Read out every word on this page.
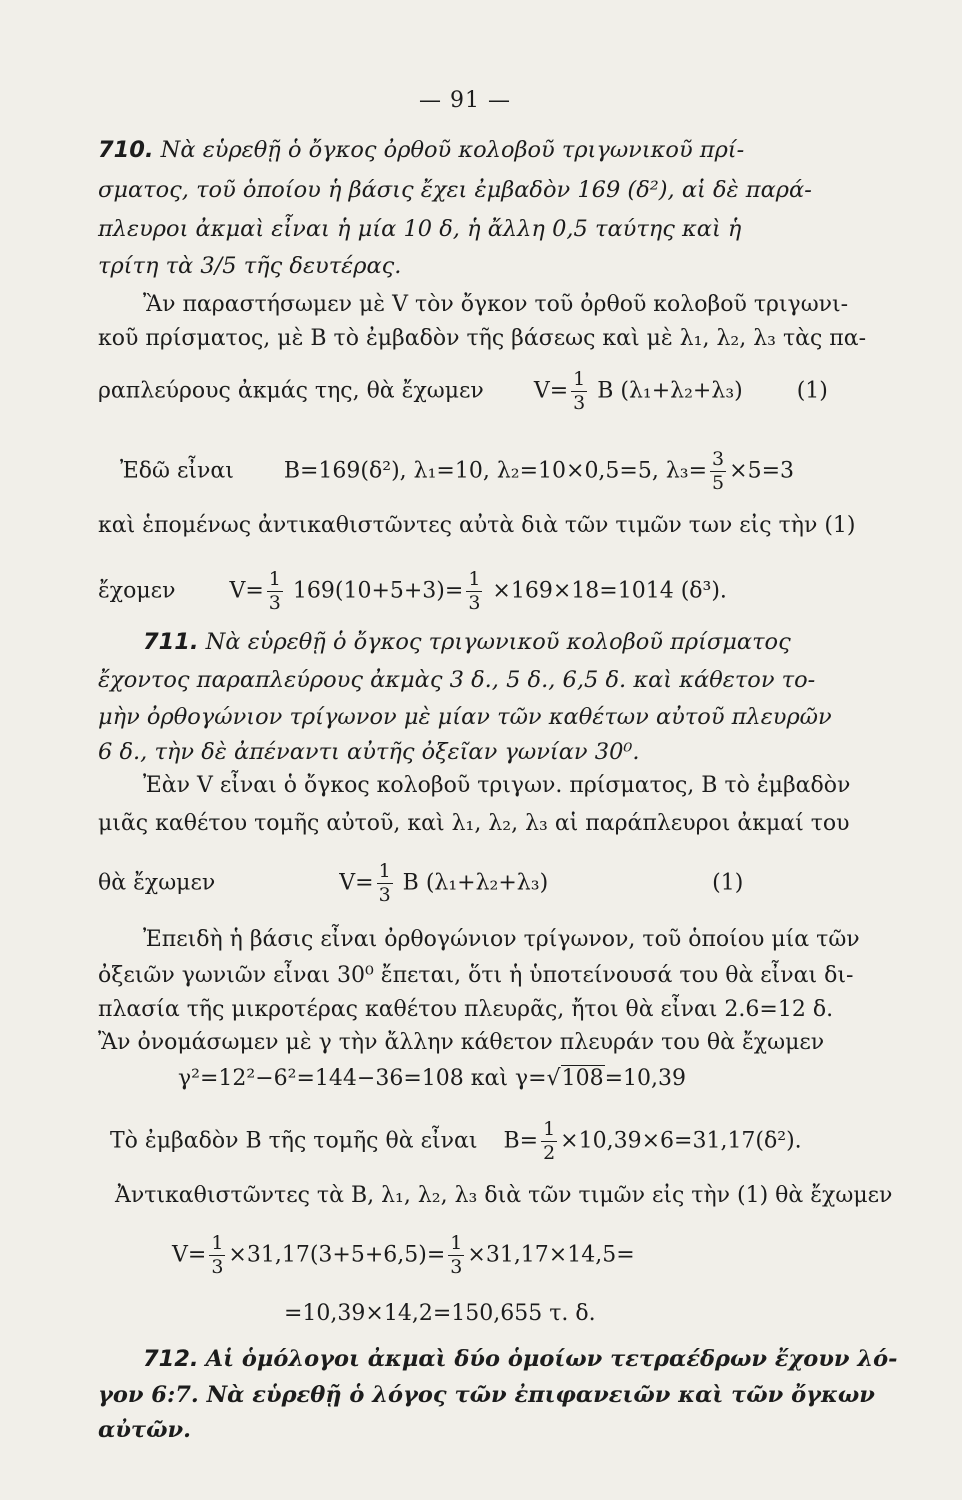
— 91 —
710. Νὰ εὑρεθῇ ὁ ὄγκος ὀρθοῦ κολοβοῦ τριγωνικοῦ πρί-
σματος, τοῦ ὁποίου ἡ βάσις ἔχει ἐμβαδὸν 169 (δ²), αἱ δὲ παρά-
πλευροι ἀκμαὶ εἶναι ἡ μία 10 δ, ἡ ἄλλη 0,5 ταύτης καὶ ἡ
τρίτη τὰ 3/5 τῆς δευτέρας.
Ἂν παραστήσωμεν μὲ V τὸν ὄγκον τοῦ ὀρθοῦ κολοβοῦ τριγωνι-
κοῦ πρίσματος, μὲ Β τὸ ἐμβαδὸν τῆς βάσεως καὶ μὲ λ₁, λ₂, λ₃ τὰς πα-
ραπλεύρους ἀκμάς της, θὰ ἔχωμεν $V= \frac{1}{3}$ B (λ₁+λ₂+λ₃) (1)
Ἐδῶ εἶναι B=169(δ²), λ₁=10, λ₂=10×0,5=5, $\lambda_3= \frac{3}{5} \times 5=3$
καὶ ἑπομένως ἀντικαθιστῶντες αὐτὰ διὰ τῶν τιμῶν των εἰς τὴν (1)
ἔχομεν $V= \frac{1}{3} 169(10+5+3)= \frac{1}{3} \times 169\times 18=1014$ (δ³).
711. Νὰ εὑρεθῇ ὁ ὄγκος τριγωνικοῦ κολοβοῦ πρίσματος
ἔχοντος παραπλεύρους ἀκμὰς 3 δ., 5 δ., 6,5 δ. καὶ κάθετον το-
μὴν ὀρθογώνιον τρίγωνον μὲ μίαν τῶν καθέτων αὐτοῦ πλευρῶν
6 δ., τὴν δὲ ἀπέναντι αὐτῆς ὀξεῖαν γωνίαν 30⁰.
Ἐὰν V εἶναι ὁ ὄγκος κολοβοῦ τριγων. πρίσματος, Β τὸ ἐμβαδὸν
μιᾶς καθέτου τομῆς αὐτοῦ, καὶ λ₁, λ₂, λ₃ αἱ παράπλευροι ἀκμαί του
θὰ ἔχωμεν	$V= \frac{1}{3}$ B (λ₁+λ₂+λ₃)	(1)
Ἐπειδὴ ἡ βάσις εἶναι ὀρθογώνιον τρίγωνον, τοῦ ὁποίου μία τῶν
ὀξειῶν γωνιῶν εἶναι 30⁰ ἔπεται, ὅτι ἡ ὑποτείνουσά του θὰ εἶναι δι-
πλασία τῆς μικροτέρας καθέτου πλευρᾶς, ἤτοι θὰ εἶναι 2.6=12 δ.
Ἂν ὀνομάσωμεν μὲ γ τὴν ἄλλην κάθετον πλευράν του θὰ ἔχωμεν
γ²=12²−6²=144−36=108 καὶ γ=√108=10,39
Τὸ ἐμβαδὸν Β τῆς τομῆς θὰ εἶναι $B= \frac{1}{2} \times 10,39\times 6=31,17(\delta^2)$.
Ἀντικαθιστῶντες τὰ Β, λ₁, λ₂, λ₃ διὰ τῶν τιμῶν εἰς τὴν (1) θὰ ἔχωμεν
$V= \frac{1}{3} \times 31,17(3+5+6,5)= \frac{1}{3} \times 31,17\times 14,5=$
=10,39×14,2=150,655 τ. δ.
712. Αἱ ὁμόλογοι ἀκμαὶ δύο ὁμοίων τετραέδρων ἔχουν λό-
γον 6:7. Νὰ εὑρεθῇ ὁ λόγος τῶν ἐπιφανειῶν καὶ τῶν ὄγκων
αὐτῶν.
